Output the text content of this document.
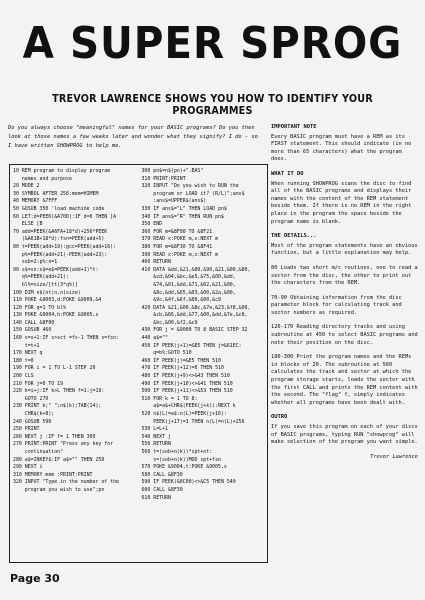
A SUPER SPROG
TREVOR LAWRENCE SHOWS YOU HOW TO IDENTIFY YOUR PROGRAMMES
Do you always choose "meaningful" names for your BASIC programs? Do you then look at those names a few weeks later and wonder what they signify? I do - so I have written SHOWPROG to help me.
10 REM program to display program
names and purpose
20 MODE 2
30 SYMBOL AFTER 256:mem=HIMEM
40 MEMORY &7FFF
50 GOSUB 350 'load machine code
60 LET:d=PEEK(&A70D):IF d=0 THEN [A
ELSE [B
70 add=PEEK(&A6FA+18*d)+256*PEEK
(&A61B+18*d):fsn=PEEK(add+5)
80 t=PEEK(add+19):gcc=PEEK(add+16):
p%=PEEK(add+21)-PEEK(add+23):
sob=2:p%:n=1
90 s$=sn:s$=e$=PEEK(add+1)*t:
q%=PEEK(add+21):
bl%=size/[tt(3*q%)]
100 DIM n$(nt)n,n(size)
110 POKE &9003,d:POKE &9009,&4
120 FOR q=1 TO bl%
130 POKE &9004,h:POKE &9005,s
140 CALL &8F00
150 GOSUB 460
160 s=s+1:IF s>sct =fs-1 THEN s=fsn:
t=t+1
170 NEXT q
180 t=0
190 FOR i = 1 TO L-1 STEP 20
200 CLS
210 FOR j=0 TO 19
220 k=i+j:IF k>L THEN f=1:j=19:
GOTO 270
230 PRINT k;" ";n$(k);TAB(14);
CHR$(k+8);
240 GOSUB 590
250 PRINT
260 NEXT j :IF f= 1 THEN 300
270 PRINT:PRINT "Press any key for
continuation"
280 a$=INKEY$:IF a$="" THEN 250
290 NEXT i
310 MEMORY mem :PRINT:PRINT
320 INPUT "Type in the number of the
program you wish to use";pn
300 pn$=n$(pn)+".BAS"
310 PRINT:PRINT
320 INPUT "Do you wish to RUN the
program or LOAD it? (R/L)";ans$
:ans$=UPPER$(ans$)
330 IF ans$="L" THEN LOAD pn$
340 IF ans$="R" THEN RUN pn$
350 END
360 FOR m=&8F00 TO &8F21
370 READ x:POKE m,x:NEXT m
380 FOR m=&8F30 TO &8F41
390 READ x:POKE m,x:NEXT m
400 RETURN
410 DATA &dd,&21,&00,&90,&21,&00,&80,
&cd,&04,&bc,&e5,&75,&00,&dd,
&74,&01,&dd,&71,&02,&21,&00,
&8c,&dd,&65,&03,&00,&2a,&00,
&9c,&4f,&6f,&00,&00,&c9
420 DATA &21,&00,&8c,&7e,&23,&f8,&00,
&cb,&66,&dd,&77,&00,&dd,&7e,&c8,
&bc,&00,&f2,&c9
430 FOR j = &9000 TO 8 BASIC STEP 32
440 a$=""
450 IF PEEK(j+1)=&E5 THEN j=&61EC:
q=b%:GOTO 510
460 IF PEEK(j)=&E5 THEN 510
470 IF PEEK(j+12)=0 THEN 510
480 IF PEEK(j+9)<>&43 THEN 510
490 IF PEEK(j+10)<>&41 THEN 510
500 IF PEEK(j+11)<>&53 THEN 510
510 FOR k = 1 TO 8:
a$=a$+CHR$(PEEK(j+k)):NEXT k
520 n$(L)=a$:n(L)=PEEK(j+16):
PEEK(j+17)=1 THEN n(L)=n(L)+256
530 L=L+1
540 NEXT j
550 RETURN
560 t=(sob+n(k))*spt+nt:
s=(sob+n(k))MOD spt+fsn
570 POKE &9004,t:POKE &9005,s
580 CALL &8F30
590 IF PEEK(&8C00)<>&C5 THEN 540
600 CALL &8F30
610 RETURN
IMPORTANT NOTE
Every BASIC program must have a REM as its FIRST statement. This should indicate (in no more than 65 characters) what the program does.
WHAT IT DO
When running SHOWPROG scans the disc to find all of the BASIC programs and displays their names with the content of the REM statement beside them. If there is no REM in the right place in the program the space beside the program name is blank.
THE DETAILS...
Most of the program statements have an obvious function, but a little explanation may help.
80 Loads two short m/c routines, one to read a sector from the disc, the other to print out the characters from the REM.
70-90 Obtaining information from the disc parameter block for calculating track and sector numbers as required.
120-170 Reading directory tracks and using subroutine at 450 to select BASIC programs and note their position on the disc.
180-300 Print the program names and the REMs in blocks of 20. The subroutine at 560 calculates the track and sector at which the program storage starts, loads the sector with the first CALL and prints the REM content with the second. The "flag" f, simply indicates whether all programs have been dealt with.
OUTRO
If you save this program on each of your discs of BASIC programs, typing RUN "showprog" will make selection of the program you want simple.
Trevor Lawrence
Page 30
